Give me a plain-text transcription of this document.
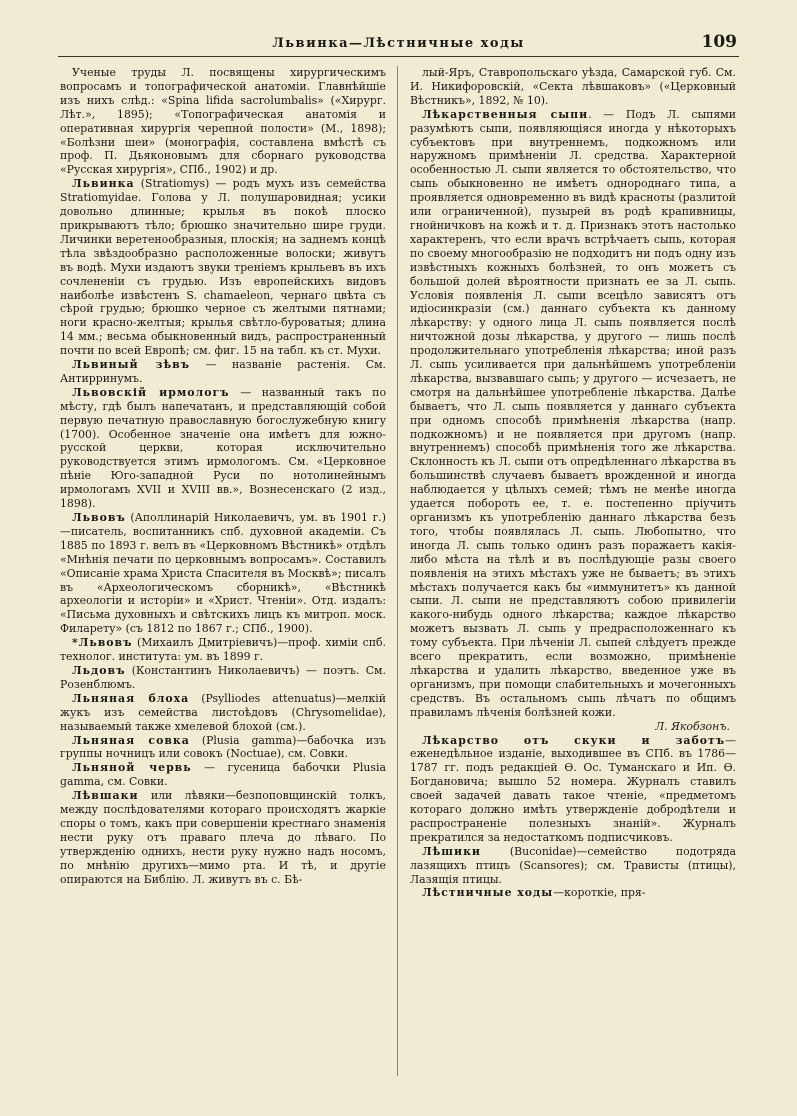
Львинка—Лѣстничные ходы	109

Ученые труды Л. посвящены хирургическимъ вопросамъ и топографической анатоміи. Главнѣйшіе изъ нихъ слѣд.: «Spina lifida sacrolumbalis» («Хирург. Лѣт.», 1895); «Топографическая анатомія и оперативная хирургія черепной полости» (М., 1898); «Болѣзни шеи» (монографія, составлена вмѣстѣ съ проф. П. Дьяконовымъ для сборнаго руководства «Русская хирургія», СПб., 1902) и др.

Львинка (Stratiomys) — родъ мухъ изъ семейства Stratiomyidae. Голова у Л. полушаровидная; усики довольно длинные; крылья въ покоѣ плоско прикрываютъ тѣло; брюшко значительно шире груди. Личинки веретенообразныя, плоскія; на заднемъ концѣ тѣла звѣздообразно расположенные волоски; живутъ въ водѣ. Мухи издаютъ звуки треніемъ крыльевъ въ ихъ сочлененіи съ грудью. Изъ европейскихъ видовъ наиболѣе извѣстенъ S. chamaeleon, чернаго цвѣта съ сѣрой грудью; брюшко черное съ желтыми пятнами; ноги красно-желтыя; крылья свѣтло-буроватыя; длина 14 мм.; весьма обыкновенный видъ, распространенный почти по всей Европѣ; см. фиг. 15 на табл. къ ст. Мухи.

Львиный зѣвъ — названіе растенія. См. Антирринумъ.

Львовскій ирмологъ — названный такъ по мѣсту, гдѣ былъ напечатанъ, и представляющій собой первую печатную православную богослужебную книгу (1700). Особенное значеніе она имѣетъ для южно-русской церкви, которая исключительно руководствуется этимъ ирмологомъ. См. «Церковное пѣніе Юго-западной Руси по нотолинейнымъ ирмологамъ XVII и XVIII вв.», Вознесенскаго (2 изд., 1898).

Львовъ (Аполлинарій Николаевичъ, ум. въ 1901 г.)—писатель, воспитанникъ спб. духовной академіи. Съ 1885 по 1893 г. велъ въ «Церковномъ Вѣстникѣ» отдѣлъ «Мнѣнія печати по церковнымъ вопросамъ». Составилъ «Описаніе храма Христа Спасителя въ Москвѣ»; писалъ въ «Археологическомъ сборникѣ», «Вѣстникѣ археологіи и исторіи» и «Христ. Чтеніи». Отд. издалъ: «Письма духовныхъ и свѣтскихъ лицъ къ митроп. моск. Филарету» (съ 1812 по 1867 г.; СПб., 1900).

*Львовъ (Михаилъ Дмитріевичъ)—проф. химіи спб. технолог. института: ум. въ 1899 г.

Льдовъ (Константинъ Николаевичъ) — поэтъ. См. Розенблюмъ.

Льняная блоха (Psylliodes attenuatus)—мелкій жукъ изъ семейства листоѣдовъ (Chrysomelidae), называемый также хмелевой блохой (см.).

Льняная совка (Plusia gamma)—бабочка изъ группы ночницъ или совокъ (Noctuae), см. Совки.

Льняной червь — гусеница бабочки Plusia gamma, см. Совки.

Лѣвшаки или лѣвяки—безпоповщинскій толкъ, между послѣдователями котораго происходятъ жаркіе споры о томъ, какъ при совершеніи крестнаго знаменія нести руку отъ праваго плеча до лѣваго. По утвержденію однихъ, нести руку нужно надъ носомъ, по мнѣнію другихъ—мимо рта. И тѣ, и другіе опираются на Библію. Л. живутъ въ с. Бѣ-

лый-Яръ, Ставропольскаго уѣзда, Самарской губ. См. И. Никифоровскій, «Секта лѣвшаковъ» («Церковный Вѣстникъ», 1892, № 10).

Лѣкарственныя сыпи. — Подъ Л. сыпями разумѣютъ сыпи, появляющіяся иногда у нѣкоторыхъ субъектовъ при внутреннемъ, подкожномъ или наружномъ примѣненіи Л. средства. Характерной особенностью Л. сыпи является то обстоятельство, что сыпь обыкновенно не имѣетъ однороднаго типа, а проявляется одновременно въ видѣ красноты (разлитой или ограниченной), пузырей въ родѣ крапивницы, гнойничковъ на кожѣ и т. д. Признакъ этотъ настолько характеренъ, что если врачъ встрѣчаетъ сыпь, которая по своему многообразію не подходитъ ни подъ одну изъ извѣстныхъ кожныхъ болѣзней, то онъ можетъ съ большой долей вѣроятности признать ее за Л. сыпь. Условія появленія Л. сыпи всецѣло зависятъ отъ идіосинкразіи (см.) даннаго субъекта къ данному лѣкарству: у одного лица Л. сыпь появляется послѣ ничтожной дозы лѣкарства, у другого — лишь послѣ продолжительнаго употребленія лѣкарства; иной разъ Л. сыпь усиливается при дальнѣйшемъ употребленіи лѣкарства, вызвавшаго сыпь; у другого — исчезаетъ, не смотря на дальнѣйшее употребленіе лѣкарства. Далѣе бываетъ, что Л. сыпь появляется у даннаго субъекта при одномъ способѣ примѣненія лѣкарства (напр. подкожномъ) и не появляется при другомъ (напр. внутреннемъ) способѣ примѣненія того же лѣкарства. Склонность къ Л. сыпи отъ опредѣленнаго лѣкарства въ большинствѣ случаевъ бываетъ врожденной и иногда наблюдается у цѣлыхъ семей; тѣмъ не менѣе иногда удается побороть ее, т. е. постепенно пріучить организмъ къ употребленію даннаго лѣкарства безъ того, чтобы появлялась Л. сыпь. Любопытно, что иногда Л. сыпь только одинъ разъ поражаетъ какія-либо мѣста на тѣлѣ и въ послѣдующіе разы своего появленія на этихъ мѣстахъ уже не бываетъ; въ этихъ мѣстахъ получается какъ бы «иммунитетъ» къ данной сыпи. Л. сыпи не представляютъ собою привилегіи какого-нибудь одного лѣкарства; каждое лѣкарство можетъ вызвать Л. сыпь у предрасположеннаго къ тому субъекта. При лѣченіи Л. сыпей слѣдуетъ прежде всего прекратить, если возможно, примѣненіе лѣкарства и удалить лѣкарство, введенное уже въ организмъ, при помощи слабительныхъ и мочегонныхъ средствъ. Въ остальномъ сыпь лѣчатъ по общимъ правиламъ лѣченія болѣзней кожи.

Л. Якобзонъ.

Лѣкарство отъ скуки и заботъ— еженедѣльное изданіе, выходившее въ СПб. въ 1786—1787 гг. подъ редакціей Ѳ. Ос. Туманскаго и Ип. Ѳ. Богдановича; вышло 52 номера. Журналъ ставилъ своей задачей давать такое чтеніе, «предметомъ котораго должно имѣть утвержденіе добродѣтели и распространеніе полезныхъ знаній». Журналъ прекратился за недостаткомъ подписчиковъ.

Лѣшики (Buconidae)—семейство подотряда лазящихъ птицъ (Scansores); см. Трависты (птицы), Лазящія птицы.

Лѣстничные ходы—короткіе, пря-
